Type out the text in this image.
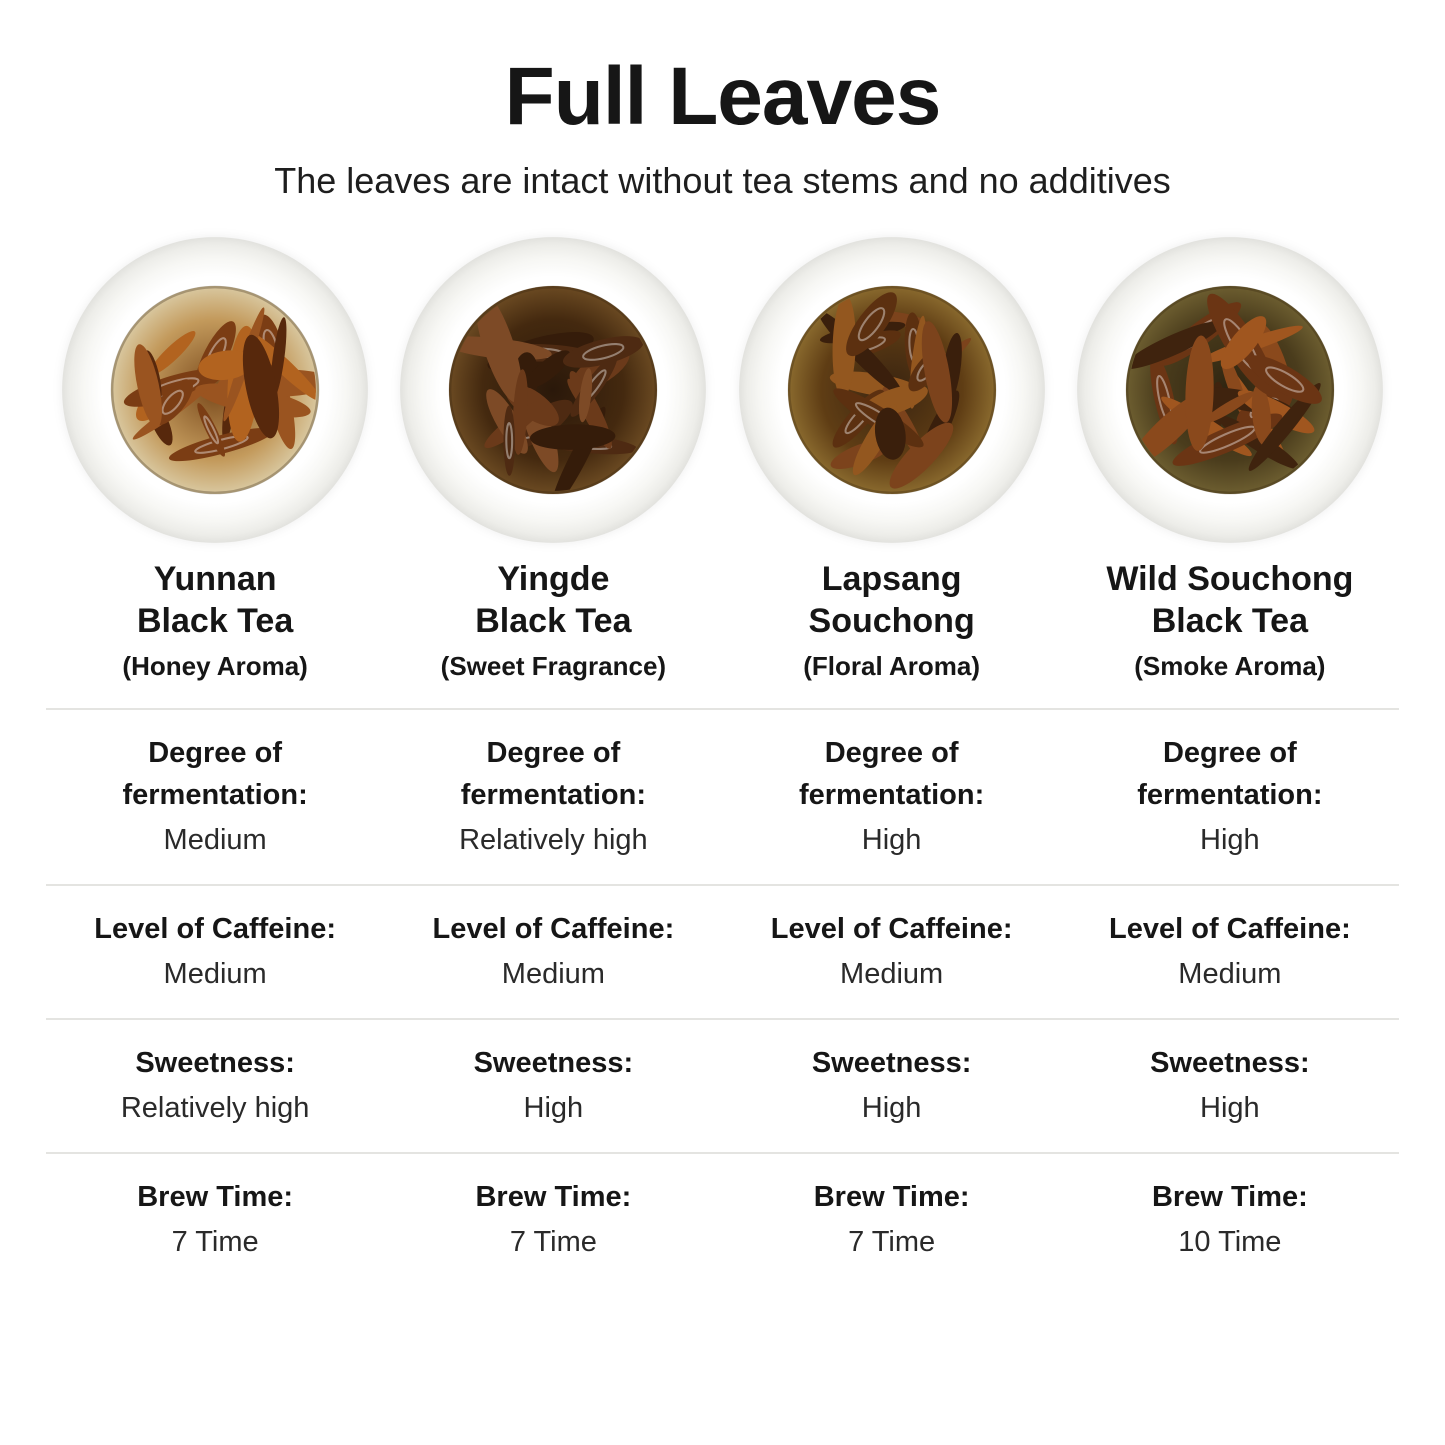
Full Leaves

The leaves are intact without tea stems and no additives

Yunnan
Black Tea
(Honey Aroma)
Yingde
Black Tea
(Sweet Fragrance)
Lapsang
Souchong
(Floral Aroma)
Wild Souchong
Black Tea
(Smoke Aroma)
Degree of
fermentation:
Medium
Degree of
fermentation:
Relatively high
Degree of
fermentation:
High
Degree of
fermentation:
High
Level of Caffeine:
Medium
Level of Caffeine:
Medium
Level of Caffeine:
Medium
Level of Caffeine:
Medium
Sweetness:
Relatively high
Sweetness:
High
Sweetness:
High
Sweetness:
High
Brew Time:
7 Time
Brew Time:
7 Time
Brew Time:
7 Time
Brew Time:
10 Time
